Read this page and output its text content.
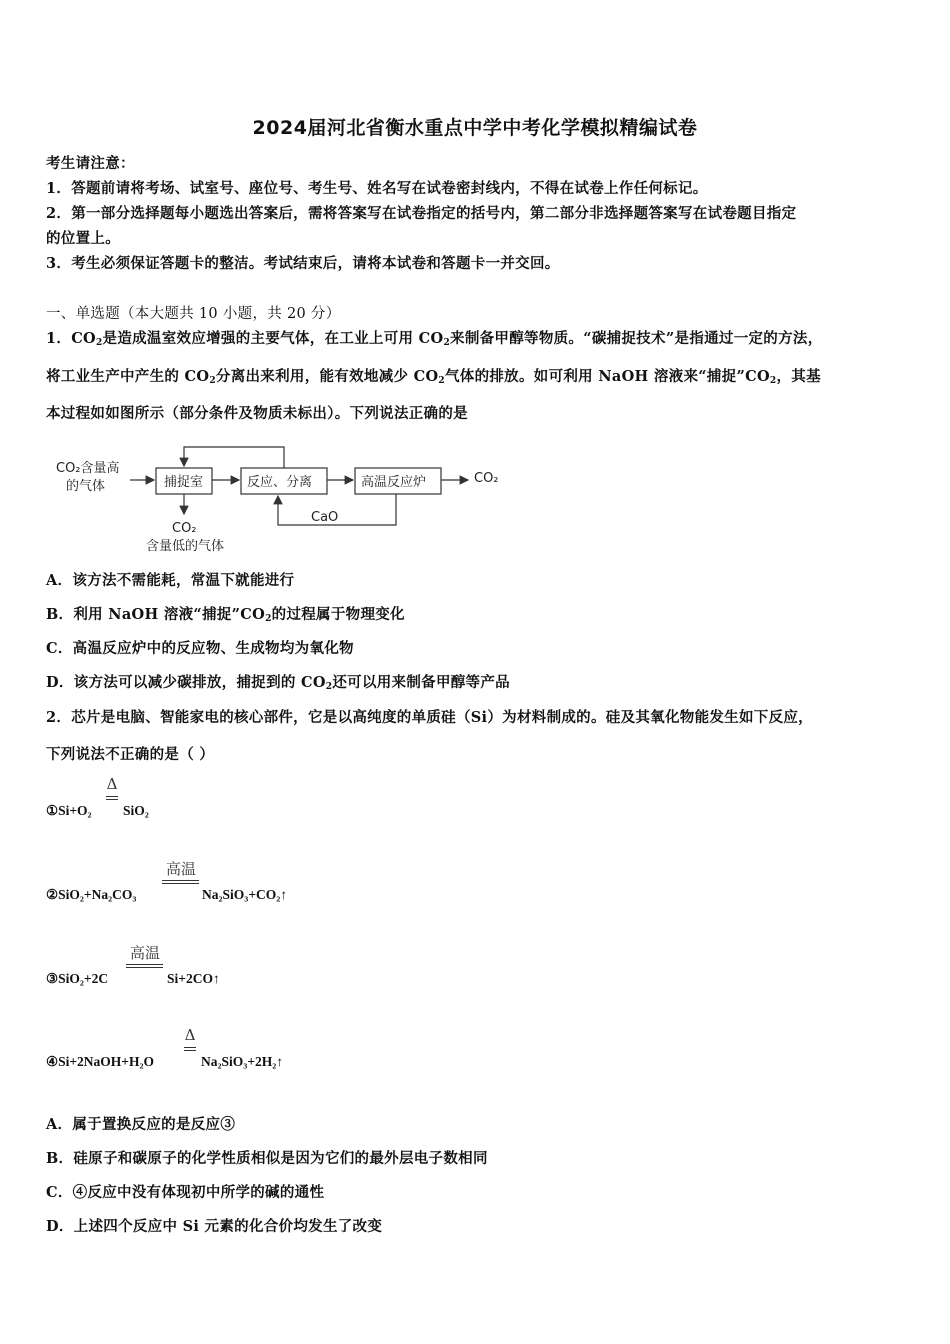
2024届河北省衡水重点中学中考化学模拟精编试卷
考生请注意：
1．答题前请将考场、试室号、座位号、考生号、姓名写在试卷密封线内，不得在试卷上作任何标记。
2．第一部分选择题每小题选出答案后，需将答案写在试卷指定的括号内，第二部分非选择题答案写在试卷题目指定
的位置上。
3．考生必须保证答题卡的整洁。考试结束后，请将本试卷和答题卡一并交回。
一、单选题（本大题共 10 小题，共 20 分）
1．$CO_2$是造成温室效应增强的主要气体，在工业上可用 $CO_2$来制备甲醇等物质。“碳捕捉技术”是指通过一定的方法，
将工业生产中产生的 $CO_2$分离出来利用，能有效地减少 $CO_2$气体的排放。如可利用 NaOH 溶液来“捕捉$”CO_2$，其基
本过程如如图所示（部分条件及物质未标出）。下列说法正确的是
CO₂含量高
的气体	捕捉室	反应、分离	高温反应炉	CO₂
CaO
CO₂
含量低的气体
A．该方法不需能耗，常温下就能进行
B．利用 NaOH 溶液“捕捉$”CO_2$的过程属于物理变化
C．高温反应炉中的反应物、生成物均为氧化物
D．该方法可以减少碳排放，捕捉到的 $CO_2$还可以用来制备甲醇等产品
2．芯片是电脑、智能家电的核心部件，它是以高纯度的单质硅（Si）为材料制成的。硅及其氧化物能发生如下反应，
下列说法不正确的是（ ）
①Si+O₂
Δ
SiO₂
②SiO₂+Na₂CO₃
高温
Na₂SiO₃+CO₂↑
③SiO₂+2C
高温
Si+2CO↑
④Si+2NaOH+H₂O
Δ
Na₂SiO₃+2H₂↑
A．属于置换反应的是反应③
B．硅原子和碳原子的化学性质相似是因为它们的最外层电子数相同
C．④反应中没有体现初中所学的碱的通性
D．上述四个反应中 Si 元素的化合价均发生了改变
